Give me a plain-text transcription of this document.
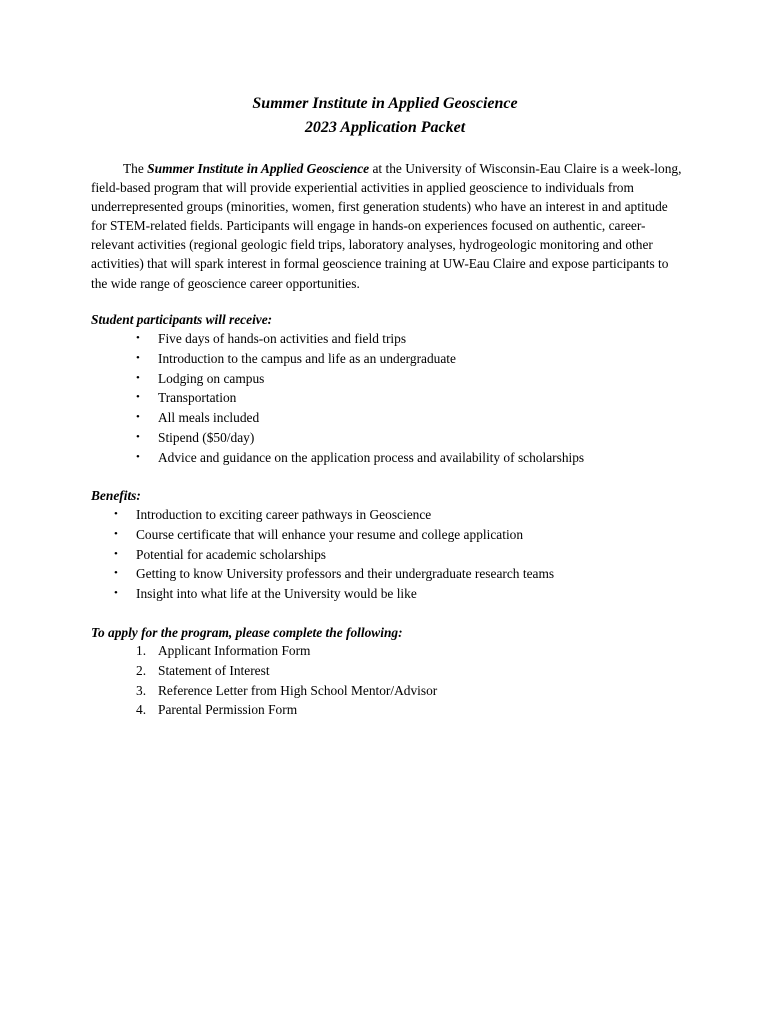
Summer Institute in Applied Geoscience
2023 Application Packet

The Summer Institute in Applied Geoscience at the University of Wisconsin-Eau Claire is a week-long, field-based program that will provide experiential activities in applied geoscience to individuals from underrepresented groups (minorities, women, first generation students) who have an interest in and aptitude for STEM-related fields. Participants will engage in hands-on experiences focused on authentic, career-relevant activities (regional geologic field trips, laboratory analyses, hydrogeologic monitoring and other activities) that will spark interest in formal geoscience training at UW-Eau Claire and expose participants to the wide range of geoscience career opportunities.

Student participants will receive:

• Five days of hands-on activities and field trips
• Introduction to the campus and life as an undergraduate
• Lodging on campus
• Transportation
• All meals included
• Stipend ($50/day)
• Advice and guidance on the application process and availability of scholarships

Benefits:

• Introduction to exciting career pathways in Geoscience
• Course certificate that will enhance your resume and college application
• Potential for academic scholarships
• Getting to know University professors and their undergraduate research teams
• Insight into what life at the University would be like

To apply for the program, please complete the following:

1. Applicant Information Form
2. Statement of Interest
3. Reference Letter from High School Mentor/Advisor
4. Parental Permission Form
